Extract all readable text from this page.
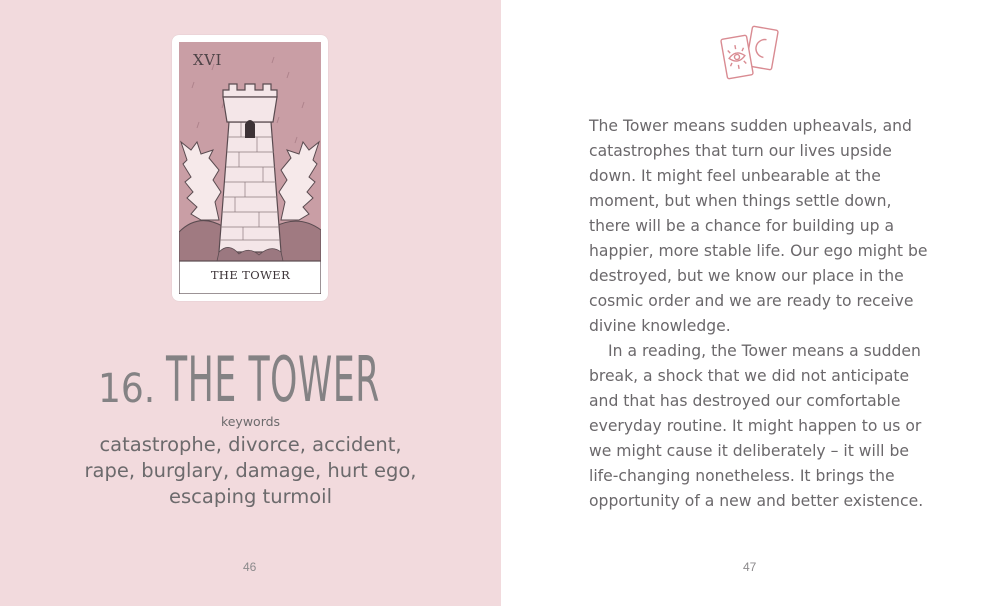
XVI
THE TOWER
16. THE TOWER
keywords
catastrophe, divorce, accident,
rape, burglary, damage, hurt ego,
escaping turmoil
46

The Tower means sudden upheavals, and catastrophes that turn our lives upside down. It might feel unbearable at the moment, but when things settle down, there will be a chance for building up a happier, more stable life. Our ego might be destroyed, but we know our place in the cosmic order and we are ready to receive divine knowledge.

In a reading, the Tower means a sudden break, a shock that we did not anticipate and that has destroyed our comfortable everyday routine. It might happen to us or we might cause it deliberately – it will be life-changing nonetheless. It brings the opportunity of a new and better existence.

47
